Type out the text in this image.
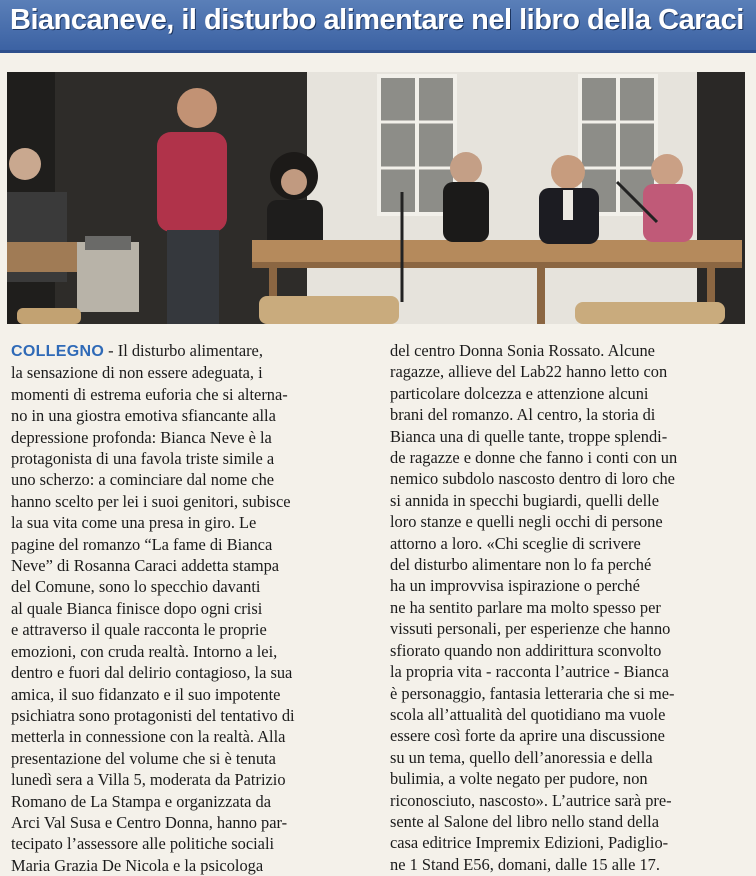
Biancaneve, il disturbo alimentare nel libro della Caraci
COLLEGNO - Il disturbo alimentare,
la sensazione di non essere adeguata, i
momenti di estrema euforia che si alterna-
no in una giostra emotiva sfiancante alla
depressione profonda: Bianca Neve è la
protagonista di una favola triste simile a
uno scherzo: a cominciare dal nome che
hanno scelto per lei i suoi genitori, subisce
la sua vita come una presa in giro. Le
pagine del romanzo “La fame di Bianca
Neve” di Rosanna Caraci addetta stampa
del Comune, sono lo specchio davanti
al quale Bianca finisce dopo ogni crisi
e attraverso il quale racconta le proprie
emozioni, con cruda realtà. Intorno a lei,
dentro e fuori dal delirio contagioso, la sua
amica, il suo fidanzato e il suo impotente
psichiatra sono protagonisti del tentativo di
metterla in connessione con la realtà. Alla
presentazione del volume che si è tenuta
lunedì sera a Villa 5, moderata da Patrizio
Romano de La Stampa e organizzata da
Arci Val Susa e Centro Donna, hanno par-
tecipato l’assessore alle politiche sociali
Maria Grazia De Nicola e la psicologa
del centro Donna Sonia Rossato. Alcune
ragazze, allieve del Lab22 hanno letto con
particolare dolcezza e attenzione alcuni
brani del romanzo. Al centro, la storia di
Bianca una di quelle tante, troppe splendi-
de ragazze e donne che fanno i conti con un
nemico subdolo nascosto dentro di loro che
si annida in specchi bugiardi, quelli delle
loro stanze e quelli negli occhi di persone
attorno a loro. «Chi sceglie di scrivere
del disturbo alimentare non lo fa perché
ha un improvvisa ispirazione o perché
ne ha sentito parlare ma molto spesso per
vissuti personali, per esperienze che hanno
sfiorato quando non addirittura sconvolto
la propria vita - racconta l’autrice - Bianca
è personaggio, fantasia letteraria che si me-
scola all’attualità del quotidiano ma vuole
essere così forte da aprire una discussione
su un tema, quello dell’anoressia e della
bulimia, a volte negato per pudore, non
riconosciuto, nascosto». L’autrice sarà pre-
sente al Salone del libro nello stand della
casa editrice Impremix Edizioni, Padiglio-
ne 1 Stand E56, domani, dalle 15 alle 17.
